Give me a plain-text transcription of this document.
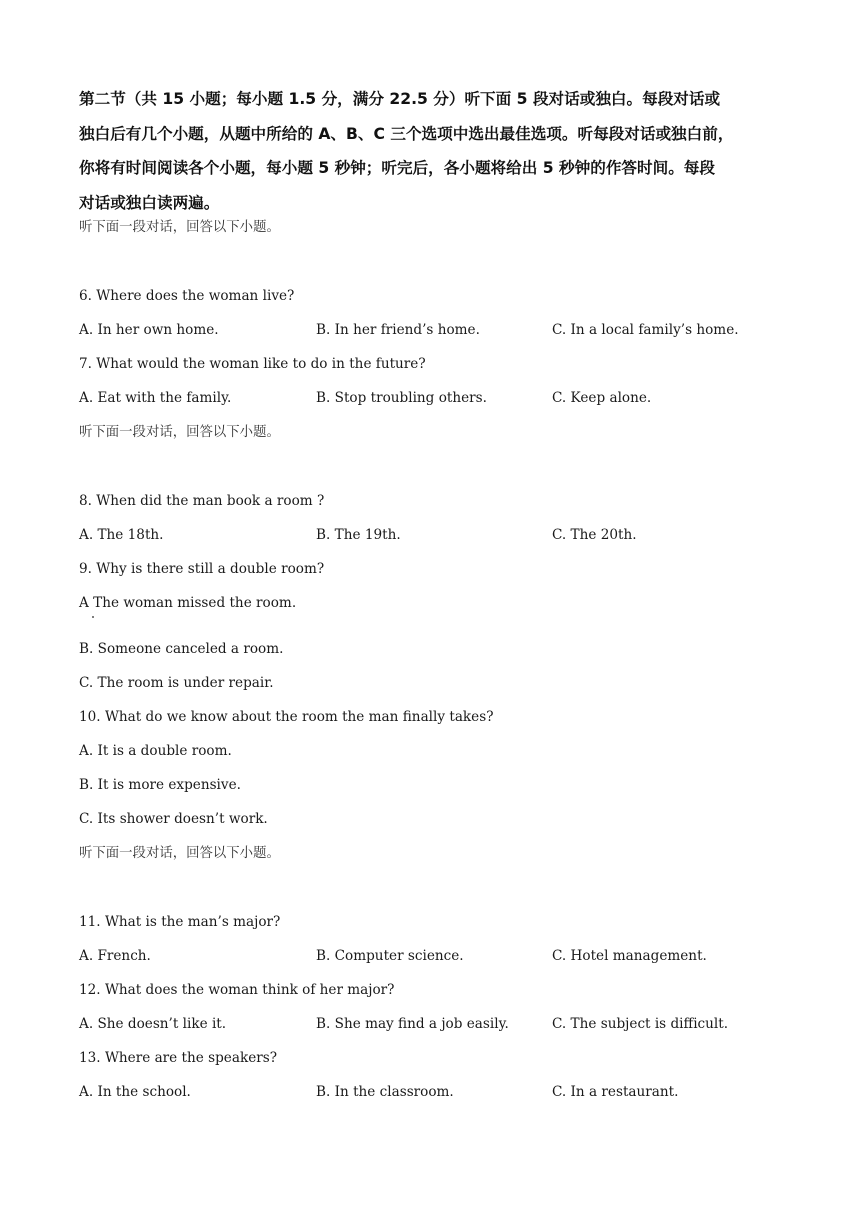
第二节（共 15 小题；每小题 1.5 分，满分 22.5 分）听下面 5 段对话或独白。每段对话或
独白后有几个小题，从题中所给的 A、B、C 三个选项中选出最佳选项。听每段对话或独白前，
你将有时间阅读各个小题，每小题 5 秒钟；听完后，各小题将给出 5 秒钟的作答时间。每段
对话或独白读两遍。
听下面一段对话，回答以下小题。
6. Where does the woman live?
A. In her own home.	B. In her friend’s home.	C. In a local family’s home.
7. What would the woman like to do in the future?
A. Eat with the family.	B. Stop troubling others.	C. Keep alone.
听下面一段对话，回答以下小题。
8. When did the man book a room ?
A. The 18th.	B. The 19th.	C. The 20th.
9. Why is there still a double room?
A The woman missed the room.
B. Someone canceled a room.
C. The room is under repair.
10. What do we know about the room the man finally takes?
A. It is a double room.
B. It is more expensive.
C. Its shower doesn’t work.
听下面一段对话，回答以下小题。
11. What is the man’s major?
A. French.	B. Computer science.	C. Hotel management.
12. What does the woman think of her major?
A. She doesn’t like it.	B. She may find a job easily.	C. The subject is difficult.
13. Where are the speakers?
A. In the school.	B. In the classroom.	C. In a restaurant.
